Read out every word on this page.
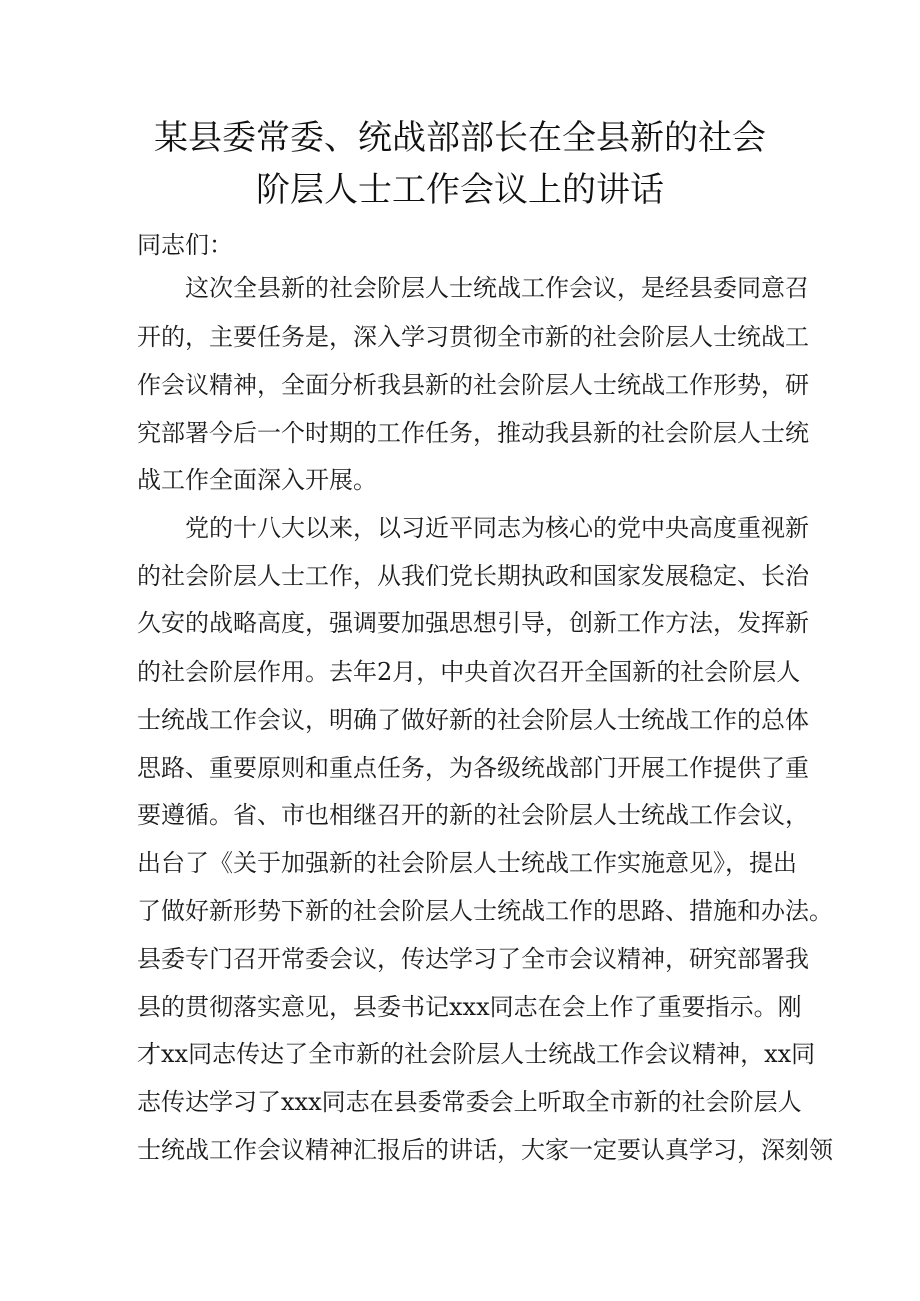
某县委常委、统战部部长在全县新的社会
阶层人士工作会议上的讲话
同志们：
这次全县新的社会阶层人士统战工作会议，是经县委同意召
开的，主要任务是，深入学习贯彻全市新的社会阶层人士统战工
作会议精神，全面分析我县新的社会阶层人士统战工作形势，研
究部署今后一个时期的工作任务，推动我县新的社会阶层人士统
战工作全面深入开展。
党的十八大以来，以习近平同志为核心的党中央高度重视新
的社会阶层人士工作，从我们党长期执政和国家发展稳定、长治
久安的战略高度，强调要加强思想引导，创新工作方法，发挥新
的社会阶层作用。去年2月，中央首次召开全国新的社会阶层人
士统战工作会议，明确了做好新的社会阶层人士统战工作的总体
思路、重要原则和重点任务，为各级统战部门开展工作提供了重
要遵循。省、市也相继召开的新的社会阶层人士统战工作会议，
出台了《关于加强新的社会阶层人士统战工作实施意见》，提出
了做好新形势下新的社会阶层人士统战工作的思路、措施和办法。
县委专门召开常委会议，传达学习了全市会议精神，研究部署我
县的贯彻落实意见，县委书记xxx同志在会上作了重要指示。刚
才xx同志传达了全市新的社会阶层人士统战工作会议精神，xx同
志传达学习了xxx同志在县委常委会上听取全市新的社会阶层人
士统战工作会议精神汇报后的讲话，大家一定要认真学习，深刻领
